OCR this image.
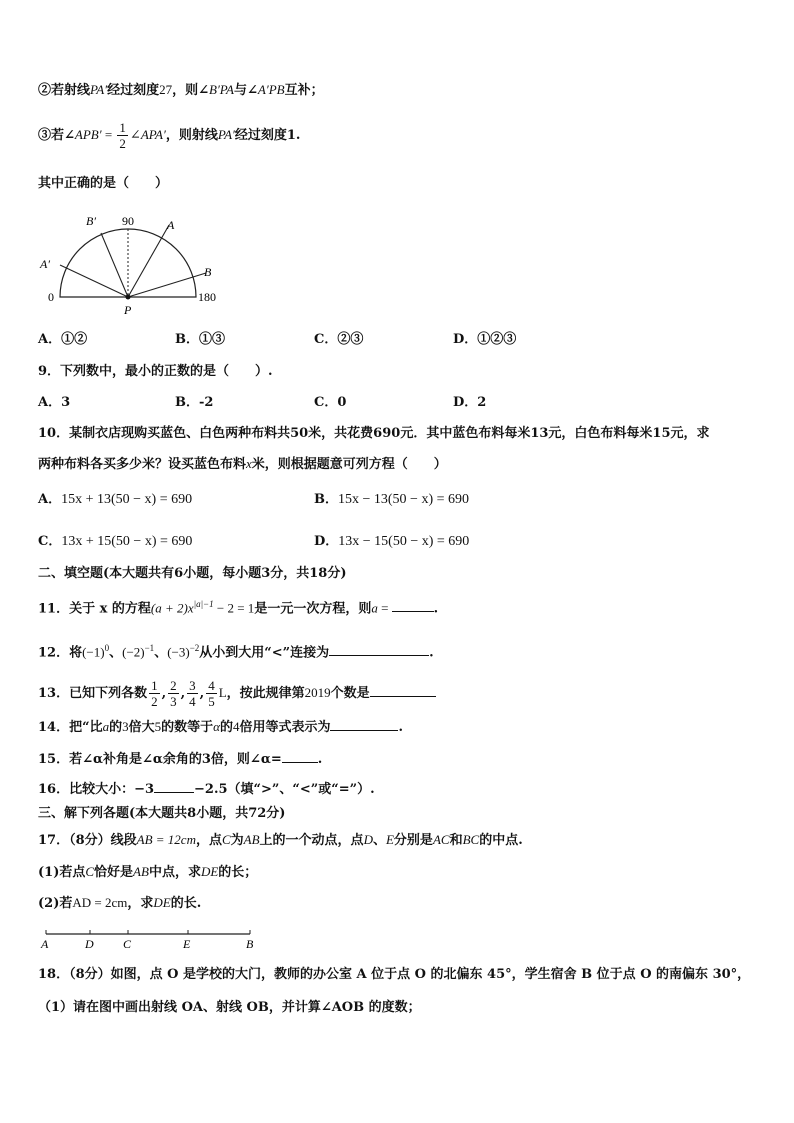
②若射线PA′经过刻度27，则∠B′PA与∠A′PB互补；
③若∠APB′ = $\frac{1}{2}$ ∠APA′，则射线PA′经过刻度1.
其中正确的是（　　）
B′ 90	A
A′
B
0	180
P
A．①②	B．①③	C．②③	D．①②③
9．下列数中，最小的正数的是（　　）.
A．3	B．-2	C．0	D．2
10．某制衣店现购买蓝色、白色两种布料共50米，共花费690元．其中蓝色布料每米13元，白色布料每米15元，求
两种布料各买多少米？设买蓝色布料x米，则根据题意可列方程（　　）
A．15x + 13(50 − x) = 690	B．15x − 13(50 − x) = 690
C．13x + 15(50 − x) = 690	D．13x − 15(50 − x) = 690
二、填空题(本大题共有6小题，每小题3分，共18分)
11．关于 x 的方程$(a + 2)x^{|a|-1} - 2 = 1$是一元一次方程，则a =	.
12．将$(-1)^0$、$(-2)^{-1}$、$(-3)^{-2}$从小到大用“<”连接为	.
13．已知下列各数 $\frac{1}{2}$ , $\frac{2}{3}$ , $\frac{3}{4}$ , $\frac{4}{5}$ L，按此规律第2019个数是
14．把“比a的3倍大5的数等于α的4倍用等式表示为	.
15．若∠α补角是∠α余角的3倍，则∠α=	.
16．比较大小：−3	−2.5（填“>”、“<”或“=”）.
三、解下列各题(本大题共8小题，共72分)
17．（8分）线段AB = 12cm，点C为AB上的一个动点，点D、E分别是AC和BC的中点.
(1)若点C恰好是AB中点，求DE的长；
(2)若AD = 2cm，求DE的长.
A	D C	E	B
18．（8分）如图，点 O 是学校的大门，教师的办公室 A 位于点 O 的北偏东 45°，学生宿舍 B 位于点 O 的南偏东 30°，
（1）请在图中画出射线 OA、射线 OB，并计算∠AOB 的度数；
